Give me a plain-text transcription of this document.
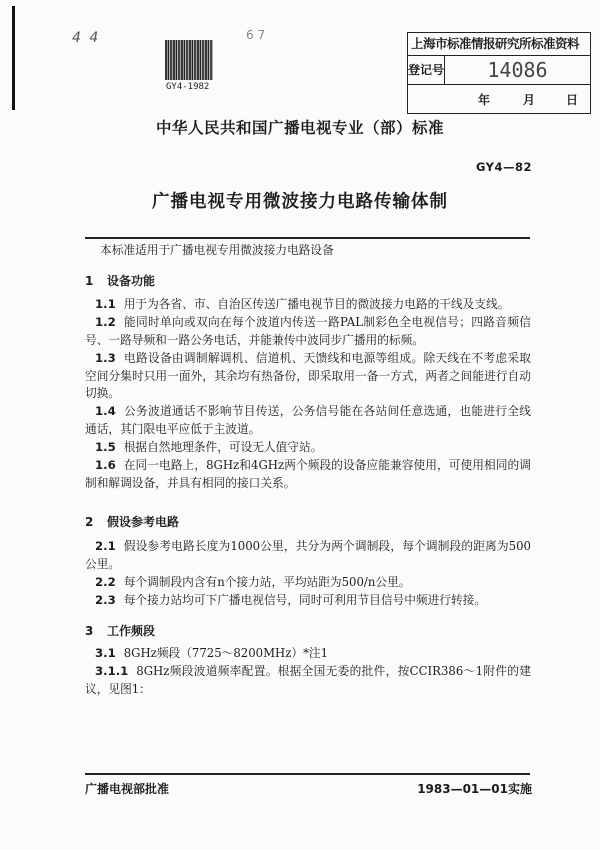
4 4	6 7
GY4-1982
上海市标准情报研究所标准资料
登记号	14086
年	月	日
中华人民共和国广播电视专业（部）标准
GY4—82
广播电视专用微波接力电路传输体制
本标准适用于广播电视专用微波接力电路设备
1 设备功能

1.1 用于为各省、市、自治区传送广播电视节目的微波接力电路的干线及支线。

1.2 能同时单向或双向在每个波道内传送一路PAL制彩色全电视信号；四路音频信号、一路导频和一路公务电话，并能兼传中波同步广播用的标频。

1.3 电路设备由调制解调机、信道机、天馈线和电源等组成。除天线在不考虑采取空间分集时只用一面外，其余均有热备份，即采取用一备一方式，两者之间能进行自动切换。

1.4 公务波道通话不影响节目传送，公务信号能在各站间任意选通，也能进行全线通话，其门限电平应低于主波道。

1.5 根据自然地理条件，可设无人值守站。

1.6 在同一电路上，8GHz和4GHz两个频段的设备应能兼容使用，可使用相同的调制和解调设备，并具有相同的接口关系。

2 假设参考电路

2.1 假设参考电路长度为1000公里，共分为两个调制段，每个调制段的距离为500公里。

2.2 每个调制段内含有n个接力站，平均站距为500/n公里。

2.3 每个接力站均可下广播电视信号，同时可利用节目信号中频进行转接。

3 工作频段

3.1 8GHz频段（7725～8200MHz）*注1

3.1.1 8GHz频段波道频率配置。根据全国无委的批件，按CCIR386～1附件的建议，见图1：

广播电视部批准	1983—01—01实施
